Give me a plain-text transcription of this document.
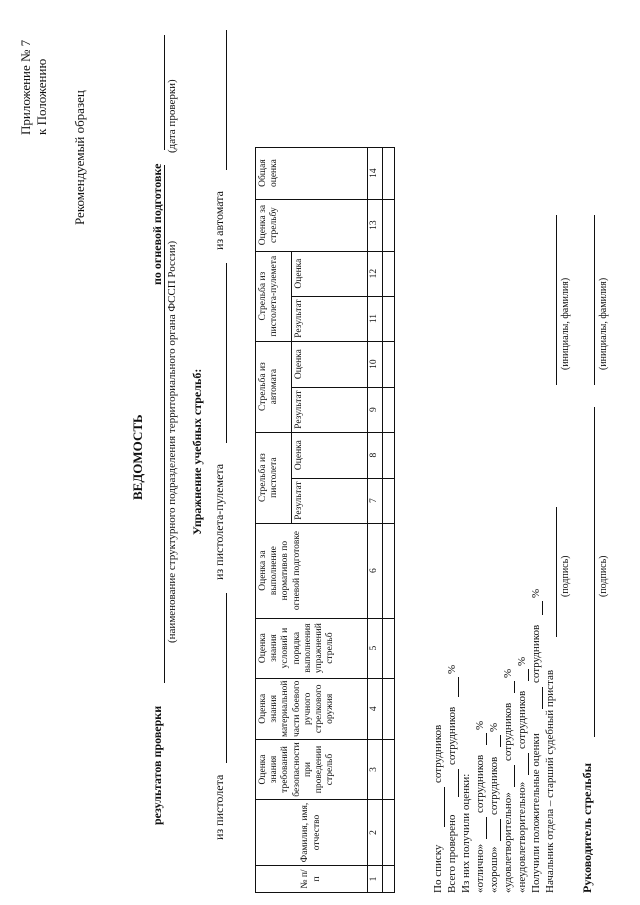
Приложение № 7 к Положению Рекомендуемый образец
ВЕДОМОСТЬ
результатов проверки
по огневой подготовке
(наименование структурного подразделения территориального органа ФССП России)
(дата проверки)
Упражнение учебных стрельб:
из пистолета
из пистолета-пулемета
из автомата
№ п/п	Фамилия, имя, отчество	Оценка знания требований безопасности при проведении стрельб	Оценка знания материальной части боевого ручного стрелкового оружия	Оценка знания условий и порядка выполнения упражнений стрельб	Оценка за выполнение нормативов по огневой подготовке	Стрельба из пистолета		Стрельба из автомата		Стрельба из пистолета-пулемета		Оценка за стрельбу	Общая оценка
						Результат	Оценка	Результат	Оценка	Результат	Оценка		
1	2	3	4	5	6	7	8	9	10	11	12	13	14

По списку
сотрудников
Всего проверено
сотрудников
%
Из них получили оценки: «отлично»
сотрудников
%
«хорошо»
сотрудников
%
«удовлетворительно»
сотрудников
%
«неудовлетворительно»
сотрудников
%
Получили положительные оценки
сотрудников
%
Начальник отдела – старший судебный пристав
(подпись)
(инициалы, фамилия)
Руководитель стрельбы
(подпись)
(инициалы, фамилия)
